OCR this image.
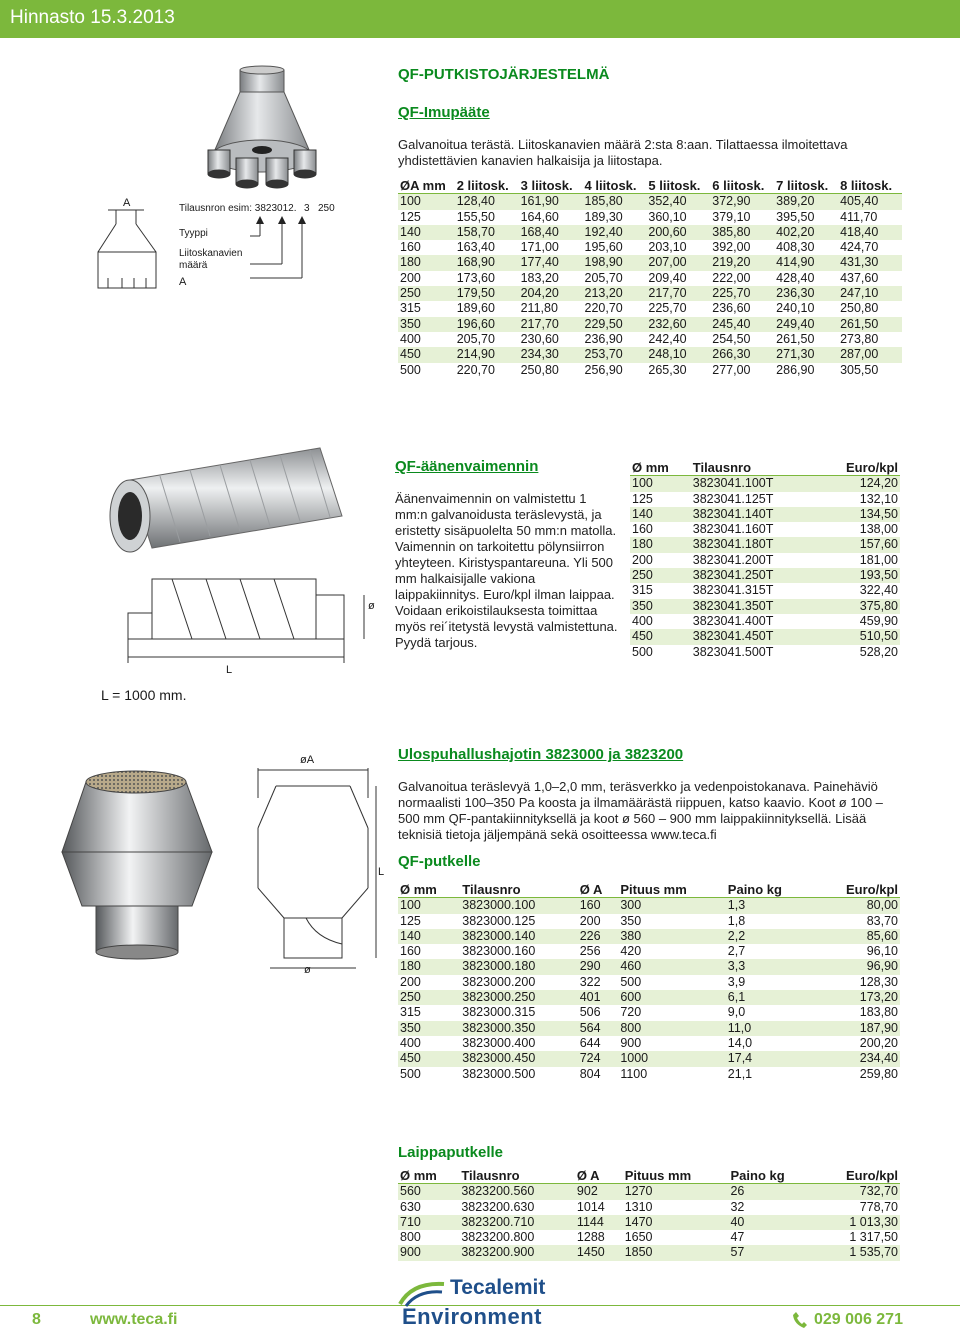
Hinnasto 15.3.2013
QF-PUTKISTOJÄRJESTELMÄ
QF-Imupääte
Galvanoitua terästä. Liitoskanavien määrä 2:sta 8:aan. Tilattaessa ilmoitettava yhdistettävien kanavien halkaisija ja liitostapa.
A	Tilausnron esim: 3823012. 3 250
Tyyppi
Liitoskanavien
määrä
A
ØA mm	2 liitosk.	3 liitosk.	4 liitosk.	5 liitosk.	6 liitosk.	7 liitosk.	8 liitosk.
100	128,40	161,90	185,80	352,40	372,90	389,20	405,40
125	155,50	164,60	189,30	360,10	379,10	395,50	411,70
140	158,70	168,40	192,40	200,60	385,80	402,20	418,40
160	163,40	171,00	195,60	203,10	392,00	408,30	424,70
180	168,90	177,40	198,90	207,00	219,20	414,90	431,30
200	173,60	183,20	205,70	209,40	222,00	428,40	437,60
250	179,50	204,20	213,20	217,70	225,70	236,30	247,10
315	189,60	211,80	220,70	225,70	236,60	240,10	250,80
350	196,60	217,70	229,50	232,60	245,40	249,40	261,50
400	205,70	230,60	236,90	242,40	254,50	261,50	273,80
450	214,90	234,30	253,70	248,10	266,30	271,30	287,00
500	220,70	250,80	256,90	265,30	277,00	286,90	305,50
L
ø
L = 1000 mm.
QF-äänenvaimennin
Äänenvaimennin on valmistettu 1 mm:n galvanoidusta teräslevystä, ja eristetty sisäpuolelta 50 mm:n matolla. Vaimennin on tarkoitettu pölynsiirron yhteyteen. Kiristyspantareuna. Yli 500 mm halkaisijalle vakiona laippakiinnitys. Euro/kpl ilman laippaa. Voidaan erikoistilauksesta toimittaa myös rei´itetystä levystä valmistettuna. Pyydä tarjous.
Ø mm	Tilausnro	Euro/kpl
100	3823041.100T	124,20
125	3823041.125T	132,10
140	3823041.140T	134,50
160	3823041.160T	138,00
180	3823041.180T	157,60
200	3823041.200T	181,00
250	3823041.250T	193,50
315	3823041.315T	322,40
350	3823041.350T	375,80
400	3823041.400T	459,90
450	3823041.450T	510,50
500	3823041.500T	528,20
øA
L
ø
Ulospuhallushajotin 3823000 ja 3823200
Galvanoitua teräslevyä 1,0–2,0 mm, teräsverkko ja vedenpoistokanava. Painehäviö normaalisti 100–350 Pa koosta ja ilmamäärästä riippuen, katso kaavio. Koot ø 100 – 500 mm QF-pantakiinnityksellä ja koot ø 560 – 900 mm laippakiinnityksellä. Lisää teknisiä tietoja jäljempänä sekä osoitteessa www.teca.fi
QF-putkelle
Ø mm	Tilausnro	Ø A	Pituus mm	Paino kg	Euro/kpl
100	3823000.100	160	300	1,3	80,00
125	3823000.125	200	350	1,8	83,70
140	3823000.140	226	380	2,2	85,60
160	3823000.160	256	420	2,7	96,10
180	3823000.180	290	460	3,3	96,90
200	3823000.200	322	500	3,9	128,30
250	3823000.250	401	600	6,1	173,20
315	3823000.315	506	720	9,0	183,80
350	3823000.350	564	800	11,0	187,90
400	3823000.400	644	900	14,0	200,20
450	3823000.450	724	1000	17,4	234,40
500	3823000.500	804	1100	21,1	259,80
Laippaputkelle
Ø mm	Tilausnro	Ø A	Pituus mm	Paino kg	Euro/kpl
560	3823200.560	902	1270	26	732,70
630	3823200.630	1014	1310	32	778,70
710	3823200.710	1144	1470	40	1 013,30
800	3823200.800	1288	1650	47	1 317,50
900	3823200.900	1450	1850	57	1 535,70
8	www.teca.fi
Tecalemit
Environment	029 006 271
